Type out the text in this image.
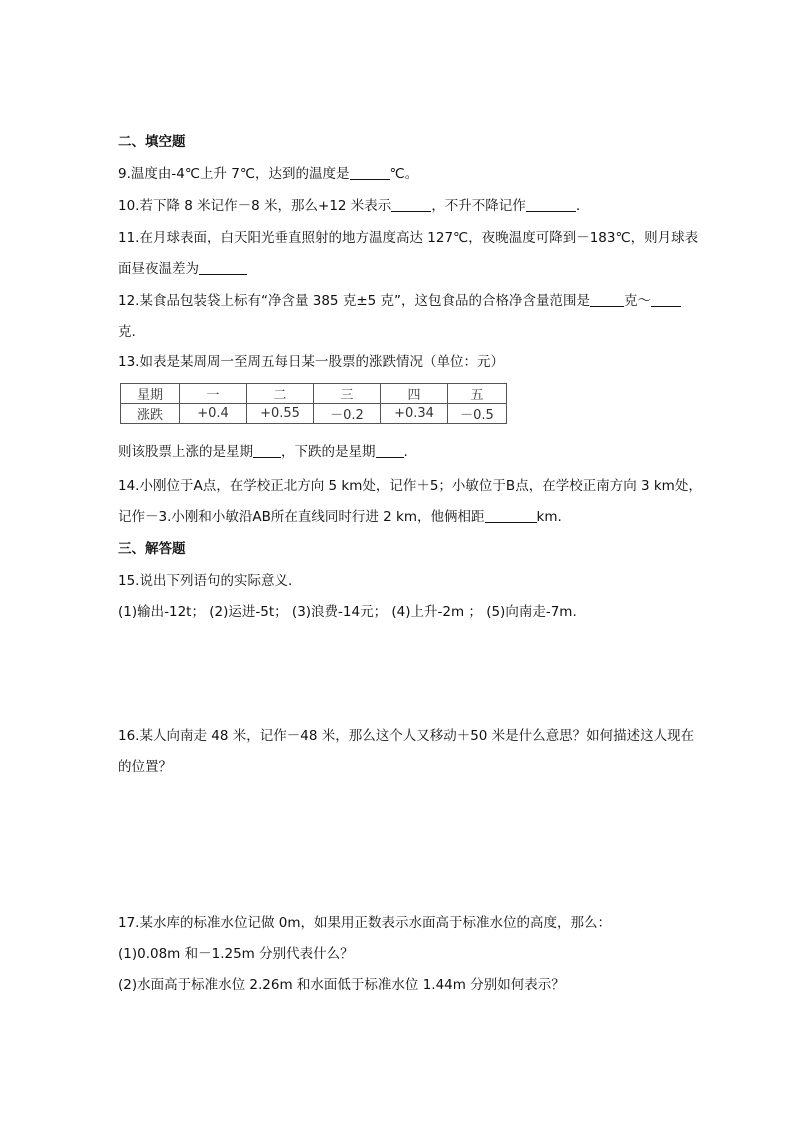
二、填空题
9.温度由-4℃上升 7℃，达到的温度是	℃。
10.若下降 8 米记作－8 米，那么+12 米表示	，不升不降记作	.
11.在月球表面，白天阳光垂直照射的地方温度高达 127℃，夜晚温度可降到－183℃，则月球表
面昼夜温差为
12.某食品包装袋上标有“净含量 385 克±5 克”，这包食品的合格净含量范围是	克～
克.
13.如表是某周周一至周五每日某一股票的涨跌情况（单位：元）
星期	一	二	三	四	五
涨跌	+0.4	+0.55	－0.2	+0.34	－0.5
则该股票上涨的是星期 ，下跌的是星期 .
14.小刚位于A点，在学校正北方向 5 km处，记作＋5；小敏位于B点，在学校正南方向 3 km处，
记作－3.小刚和小敏沿AB所在直线同时行进 2 km，他俩相距	km.
三、解答题
15.说出下列语句的实际意义.
(1)输出-12t； (2)运进-5t； (3)浪费-14元； (4)上升-2m ； (5)向南走-7m.
16.某人向南走 48 米，记作－48 米，那么这个人又移动＋50 米是什么意思？如何描述这人现在
的位置？
17.某水库的标准水位记做 0m，如果用正数表示水面高于标准水位的高度，那么：
(1)0.08m 和－1.25m 分别代表什么？
(2)水面高于标准水位 2.26m 和水面低于标准水位 1.44m 分别如何表示？
